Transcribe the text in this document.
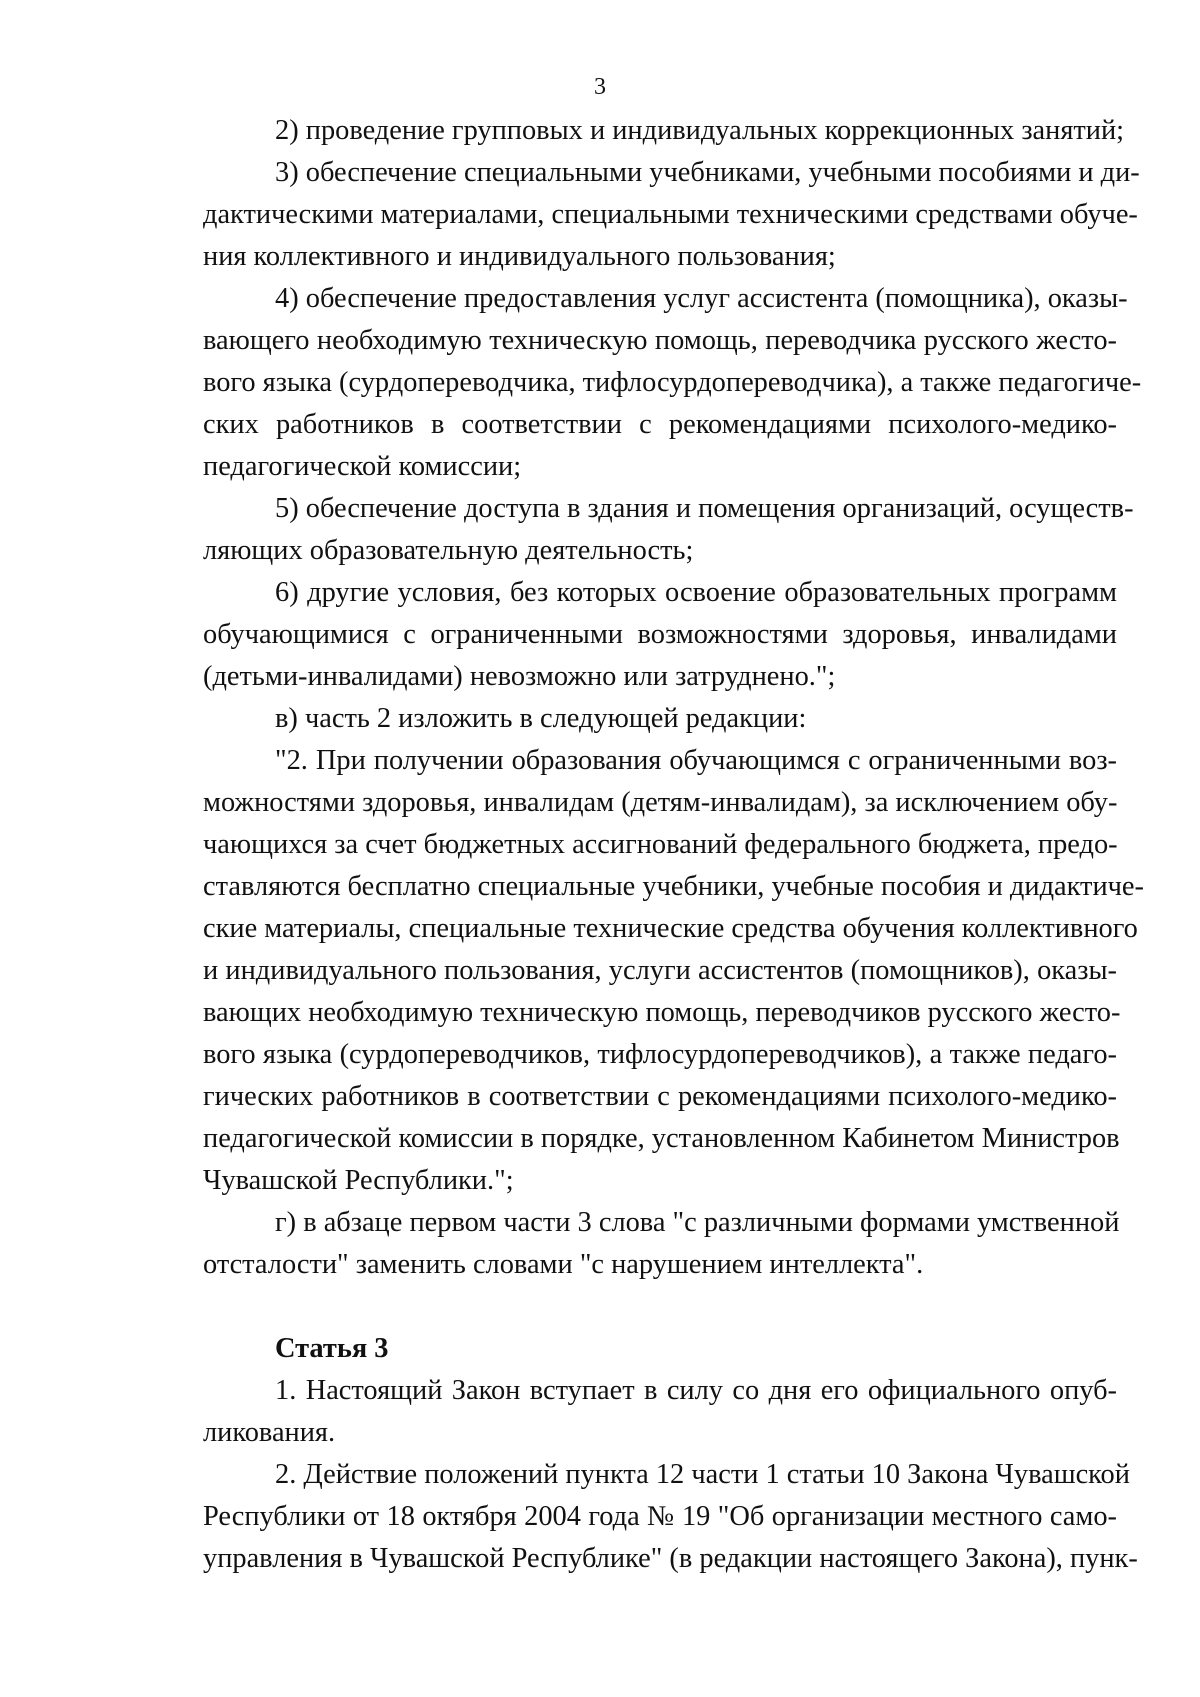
3
2) проведение групповых и индивидуальных коррекционных занятий;
3) обеспечение специальными учебниками, учебными пособиями и ди-
дактическими материалами, специальными техническими средствами обуче-
ния коллективного и индивидуального пользования;
4) обеспечение предоставления услуг ассистента (помощника), оказы-
вающего необходимую техническую помощь, переводчика русского жесто-
вого языка (сурдопереводчика, тифлосурдопереводчика), а также педагогиче-
ских работников в соответствии с рекомендациями психолого-медико-
педагогической комиссии;
5) обеспечение доступа в здания и помещения организаций, осуществ-
ляющих образовательную деятельность;
6) другие условия, без которых освоение образовательных программ
обучающимися с ограниченными возможностями здоровья, инвалидами
(детьми-инвалидами) невозможно или затруднено.";
в) часть 2 изложить в следующей редакции:
"2. При получении образования обучающимся с ограниченными воз-
можностями здоровья, инвалидам (детям-инвалидам), за исключением обу-
чающихся за счет бюджетных ассигнований федерального бюджета, предо-
ставляются бесплатно специальные учебники, учебные пособия и дидактиче-
ские материалы, специальные технические средства обучения коллективного
и индивидуального пользования, услуги ассистентов (помощников), оказы-
вающих необходимую техническую помощь, переводчиков русского жесто-
вого языка (сурдопереводчиков, тифлосурдопереводчиков), а также педаго-
гических работников в соответствии с рекомендациями психолого-медико-
педагогической комиссии в порядке, установленном Кабинетом Министров
Чувашской Республики.";
г) в абзаце первом части 3 слова "с различными формами умственной
отсталости" заменить словами "с нарушением интеллекта".
Статья 3
1. Настоящий Закон вступает в силу со дня его официального опуб-
ликования.
2. Действие положений пункта 12 части 1 статьи 10 Закона Чувашской
Республики от 18 октября 2004 года № 19 "Об организации местного само-
управления в Чувашской Республике" (в редакции настоящего Закона), пунк-
